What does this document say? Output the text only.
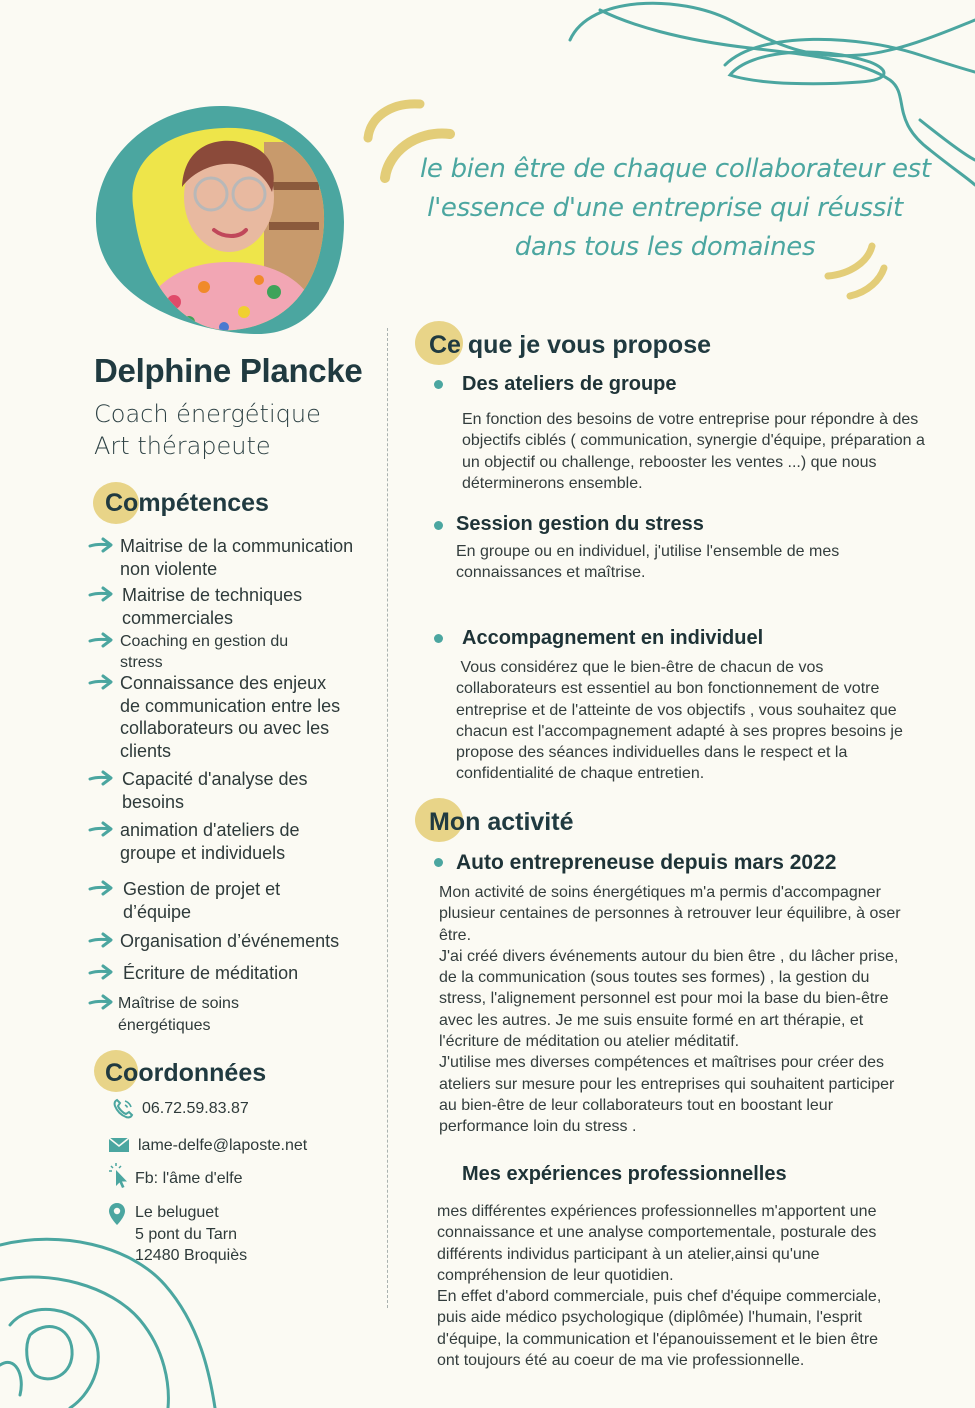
le bien être de chaque collaborateur est
l'essence d'une entreprise qui réussit
dans tous les domaines
Delphine Plancke
Coach énergétique
Art thérapeute
Compétences
Maitrise de la communication
non violente
Maitrise de techniques
commerciales
Coaching en gestion du
stress
Connaissance des enjeux
de communication entre les
collaborateurs ou avec les
clients
Capacité d'analyse des
besoins
animation d'ateliers de
groupe et individuels
Gestion de projet et
d’équipe
Organisation d’événements
Écriture de méditation
Maîtrise de soins
énergétiques
Coordonnées
06.72.59.83.87
lame-delfe@laposte.net
Fb: l'âme d'elfe
Le beluguet
5 pont du Tarn
12480 Broquiès
Ce que je vous propose
Des ateliers de groupe
En fonction des besoins de votre entreprise pour répondre à des
objectifs ciblés ( communication, synergie d'équipe, préparation a
un objectif ou challenge, rebooster les ventes ...) que nous
déterminerons ensemble.
Session gestion du stress
En groupe ou en individuel, j'utilise l'ensemble de mes
connaissances et maîtrise.
Accompagnement en individuel
Vous considérez que le bien-être de chacun de vos
collaborateurs est essentiel au bon fonctionnement de votre
entreprise et de l'atteinte de vos objectifs , vous souhaitez que
chacun est l'accompagnement adapté à ses propres besoins je
propose des séances individuelles dans le respect et la
confidentialité de chaque entretien.
Mon activité
Auto entrepreneuse depuis mars 2022
Mon activité de soins énergétiques m'a permis d'accompagner
plusieur centaines de personnes à retrouver leur équilibre, à oser
être.
J'ai créé divers événements autour du bien être , du lâcher prise,
de la communication (sous toutes ses formes) , la gestion du
stress, l'alignement personnel est pour moi la base du bien-être
avec les autres. Je me suis ensuite formé en art thérapie, et
l'écriture de méditation ou atelier méditatif.
J'utilise mes diverses compétences et maîtrises pour créer des
ateliers sur mesure pour les entreprises qui souhaitent participer
au bien-être de leur collaborateurs tout en boostant leur
performance loin du stress .
Mes expériences professionnelles
mes différentes expériences professionnelles m'apportent une
connaissance et une analyse comportementale, posturale des
différents individus participant à un atelier,ainsi qu'une
compréhension de leur quotidien.
En effet d'abord commerciale, puis chef d'équipe commerciale,
puis aide médico psychologique (diplômée) l'humain, l'esprit
d'équipe, la communication et l'épanouissement et le bien être
ont toujours été au coeur de ma vie professionnelle.
